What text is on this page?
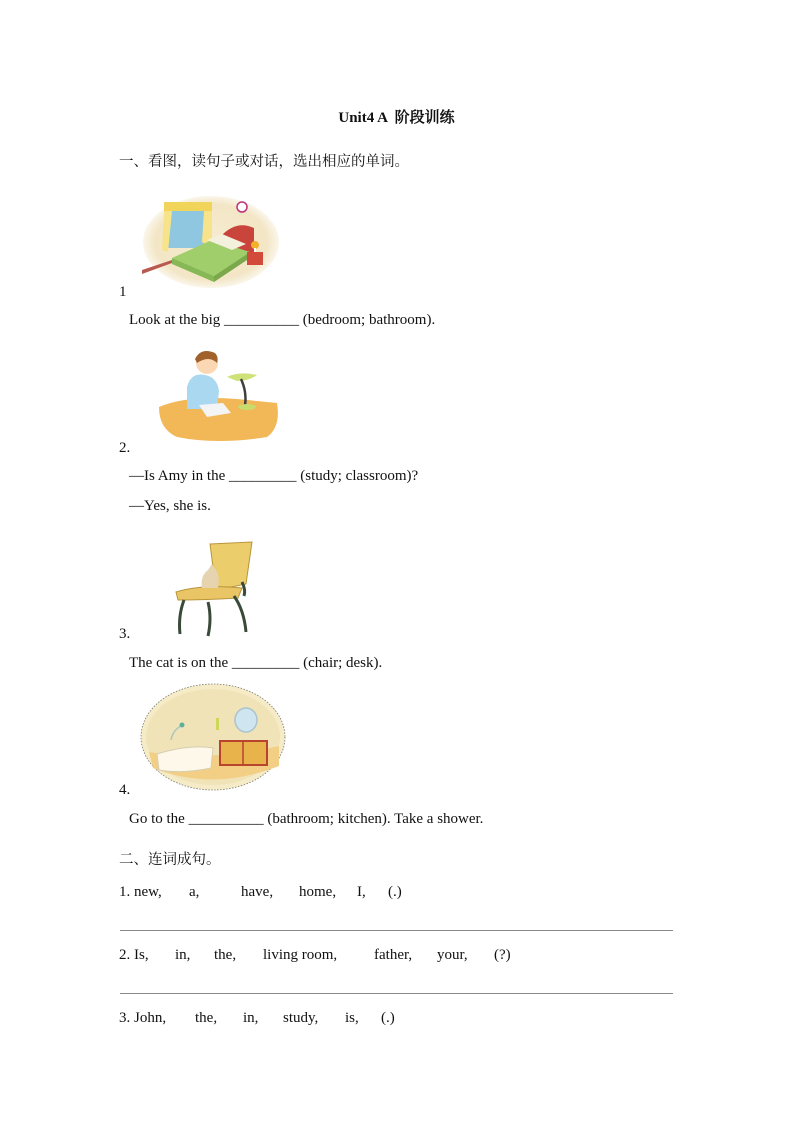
Unit4 A 阶段训练
一、看图，读句子或对话，选出相应的单词。
1
Look at the big __________ (bedroom; bathroom).
2.
—Is Amy in the _________ (study; classroom)?
—Yes, she is.
3.
The cat is on the _________ (chair; desk).
4.
Go to the __________ (bathroom; kitchen). Take a shower.
二、连词成句。
1. new,	a,	have,	home,	I,	(.)
2. Is,	in,	the,	living room,	father,	your,	(?)
3. John,	the,	in,	study,	is,	(.)
